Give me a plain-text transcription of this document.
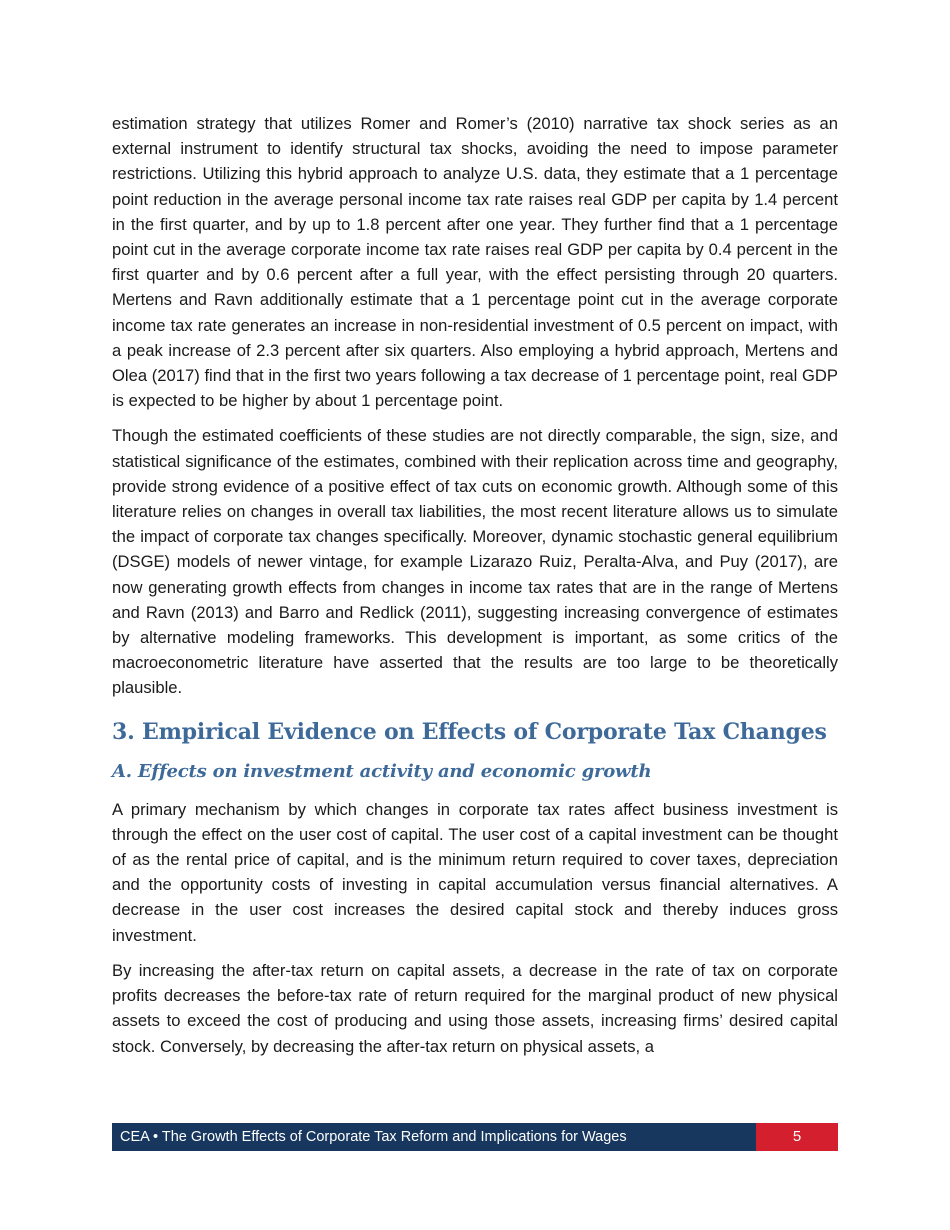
estimation strategy that utilizes Romer and Romer’s (2010) narrative tax shock series as an external instrument to identify structural tax shocks, avoiding the need to impose parameter restrictions. Utilizing this hybrid approach to analyze U.S. data, they estimate that a 1 percentage point reduction in the average personal income tax rate raises real GDP per capita by 1.4 percent in the first quarter, and by up to 1.8 percent after one year. They further find that a 1 percentage point cut in the average corporate income tax rate raises real GDP per capita by 0.4 percent in the first quarter and by 0.6 percent after a full year, with the effect persisting through 20 quarters. Mertens and Ravn additionally estimate that a 1 percentage point cut in the average corporate income tax rate generates an increase in non-residential investment of 0.5 percent on impact, with a peak increase of 2.3 percent after six quarters. Also employing a hybrid approach, Mertens and Olea (2017) find that in the first two years following a tax decrease of 1 percentage point, real GDP is expected to be higher by about 1 percentage point.

Though the estimated coefficients of these studies are not directly comparable, the sign, size, and statistical significance of the estimates, combined with their replication across time and geography, provide strong evidence of a positive effect of tax cuts on economic growth. Although some of this literature relies on changes in overall tax liabilities, the most recent literature allows us to simulate the impact of corporate tax changes specifically. Moreover, dynamic stochastic general equilibrium (DSGE) models of newer vintage, for example Lizarazo Ruiz, Peralta-Alva, and Puy (2017), are now generating growth effects from changes in income tax rates that are in the range of Mertens and Ravn (2013) and Barro and Redlick (2011), suggesting increasing convergence of estimates by alternative modeling frameworks. This development is important, as some critics of the macroeconometric literature have asserted that the results are too large to be theoretically plausible.

3. Empirical Evidence on Effects of Corporate Tax Changes
A. Effects on investment activity and economic growth

A primary mechanism by which changes in corporate tax rates affect business investment is through the effect on the user cost of capital. The user cost of a capital investment can be thought of as the rental price of capital, and is the minimum return required to cover taxes, depreciation and the opportunity costs of investing in capital accumulation versus financial alternatives. A decrease in the user cost increases the desired capital stock and thereby induces gross investment.

By increasing the after-tax return on capital assets, a decrease in the rate of tax on corporate profits decreases the before-tax rate of return required for the marginal product of new physical assets to exceed the cost of producing and using those assets, increasing firms’ desired capital stock. Conversely, by decreasing the after-tax return on physical assets, a

CEA • The Growth Effects of Corporate Tax Reform and Implications for Wages	5
